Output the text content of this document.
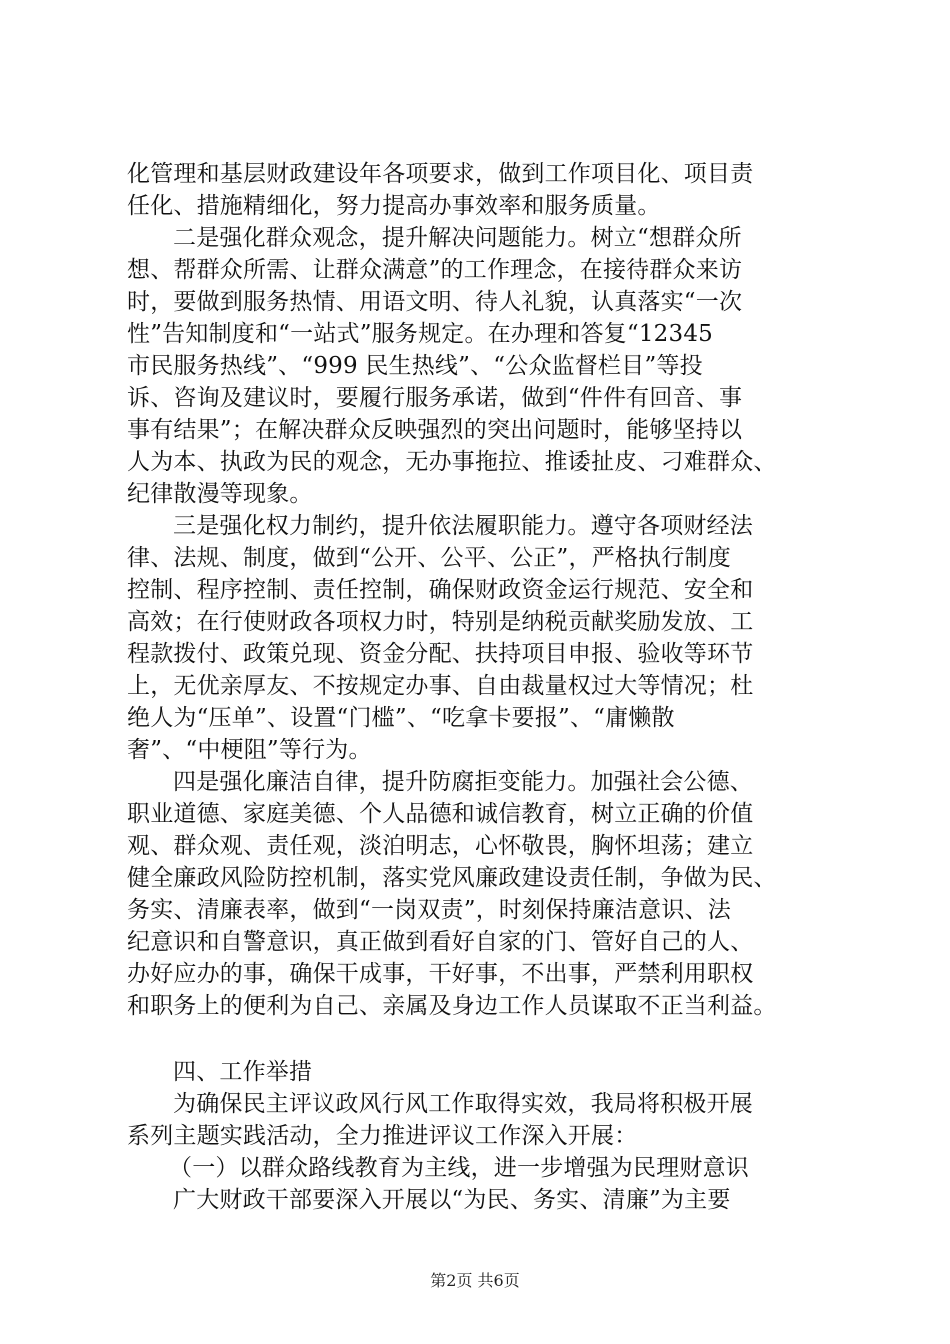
化管理和基层财政建设年各项要求，做到工作项目化、项目责
任化、措施精细化，努力提高办事效率和服务质量。
二是强化群众观念，提升解决问题能力。树立“想群众所
想、帮群众所需、让群众满意”的工作理念，在接待群众来访
时，要做到服务热情、用语文明、待人礼貌，认真落实“一次
性”告知制度和“一站式”服务规定。在办理和答复“12345
市民服务热线”、“999 民生热线”、“公众监督栏目”等投
诉、咨询及建议时，要履行服务承诺，做到“件件有回音、事
事有结果”；在解决群众反映强烈的突出问题时，能够坚持以
人为本、执政为民的观念，无办事拖拉、推诿扯皮、刁难群众、
纪律散漫等现象。
三是强化权力制约，提升依法履职能力。遵守各项财经法
律、法规、制度，做到“公开、公平、公正”，严格执行制度
控制、程序控制、责任控制，确保财政资金运行规范、安全和
高效；在行使财政各项权力时，特别是纳税贡献奖励发放、工
程款拨付、政策兑现、资金分配、扶持项目申报、验收等环节
上，无优亲厚友、不按规定办事、自由裁量权过大等情况；杜
绝人为“压单”、设置“门槛”、“吃拿卡要报”、“庸懒散
奢”、“中梗阻”等行为。
四是强化廉洁自律，提升防腐拒变能力。加强社会公德、
职业道德、家庭美德、个人品德和诚信教育，树立正确的价值
观、群众观、责任观，淡泊明志，心怀敬畏，胸怀坦荡；建立
健全廉政风险防控机制，落实党风廉政建设责任制，争做为民、
务实、清廉表率，做到“一岗双责”，时刻保持廉洁意识、法
纪意识和自警意识，真正做到看好自家的门、管好自己的人、
办好应办的事，确保干成事，干好事，不出事，严禁利用职权
和职务上的便利为自己、亲属及身边工作人员谋取不正当利益。
四、工作举措
为确保民主评议政风行风工作取得实效，我局将积极开展
系列主题实践活动，全力推进评议工作深入开展：
（一）以群众路线教育为主线，进一步增强为民理财意识
广大财政干部要深入开展以“为民、务实、清廉”为主要
第2页 共6页
